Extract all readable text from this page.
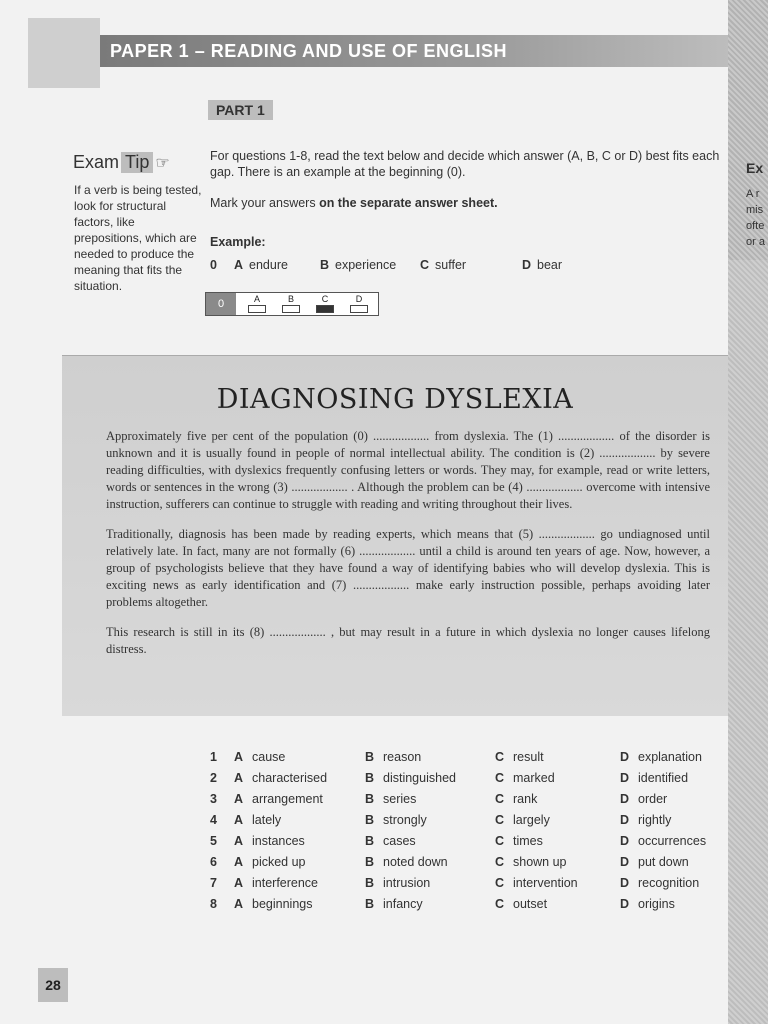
PAPER 1 – READING AND USE OF ENGLISH
PART 1
Exam Tip ☞
If a verb is being tested, look for structural factors, like prepositions, which are needed to produce the meaning that fits the situation.
For questions 1-8, read the text below and decide which answer (A, B, C or D) best fits each gap. There is an example at the beginning (0).
Mark your answers on the separate answer sheet.
Example:
0	A endure	B experience C suffer	D bear
0	A	B	C	D
DIAGNOSING DYSLEXIA

Approximately five per cent of the population (0) .................. from dyslexia. The (1) .................. of the disorder is unknown and it is usually found in people of normal intellectual ability. The condition is (2) .................. by severe reading difficulties, with dyslexics frequently confusing letters or words. They may, for example, read or write letters, words or sentences in the wrong (3) .................. . Although the problem can be (4) .................. overcome with intensive instruction, sufferers can continue to struggle with reading and writing throughout their lives.

Traditionally, diagnosis has been made by reading experts, which means that (5) .................. go undiagnosed until relatively late. In fact, many are not formally (6) .................. until a child is around ten years of age. Now, however, a group of psychologists believe that they have found a way of identifying babies who will develop dyslexia. This is exciting news as early identification and (7) .................. make early instruction possible, perhaps avoiding later problems altogether.

This research is still in its (8) .................. , but may result in a future in which dyslexia no longer causes lifelong distress.

1	A cause	B reason	C result	D explanation
2	A characterised	B distinguished	C marked	D identified
3	A arrangement	B series	C rank	D order
4	A lately	B strongly	C largely	D rightly
5	A instances	B cases	C times	D occurrences
6	A picked up	B noted down	C shown up	D put down
7	A interference	B intrusion	C intervention	D recognition
8	A beginnings	B infancy	C outset	D origins
28
Ex
A r
mis
ofte
or a
